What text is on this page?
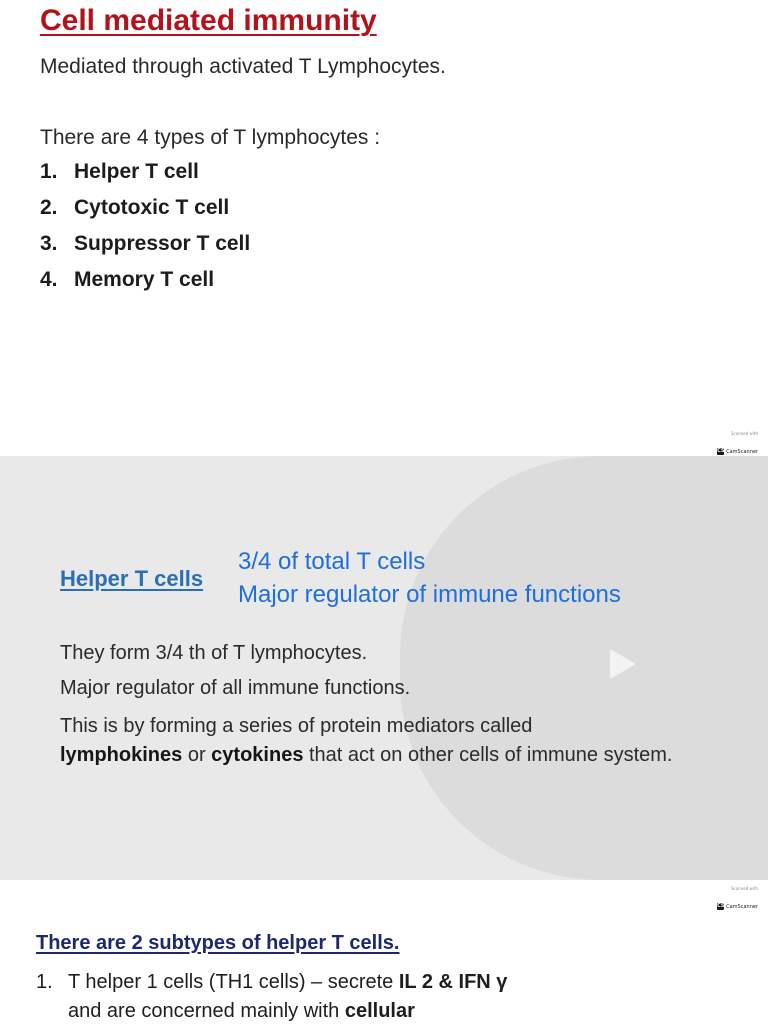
Cell mediated immunity
Mediated through activated T Lymphocytes.
There are 4 types of T lymphocytes :
1. Helper T cell
2. Cytotoxic T cell
3. Suppressor T cell
4. Memory T cell
Scanned with
CS CamScanner
Helper T cells
3/4 of total T cells
Major regulator of immune functions
They form 3/4 th of T lymphocytes.
Major regulator of all immune functions.
This is by forming a series of protein mediators called
lymphokines or cytokines that act on other cells of immune system.
Scanned with
CS CamScanner
There are 2 subtypes of helper T cells.
1. T helper 1 cells (TH1 cells) – secrete IL 2 & IFN γ
and are concerned mainly with cellular
